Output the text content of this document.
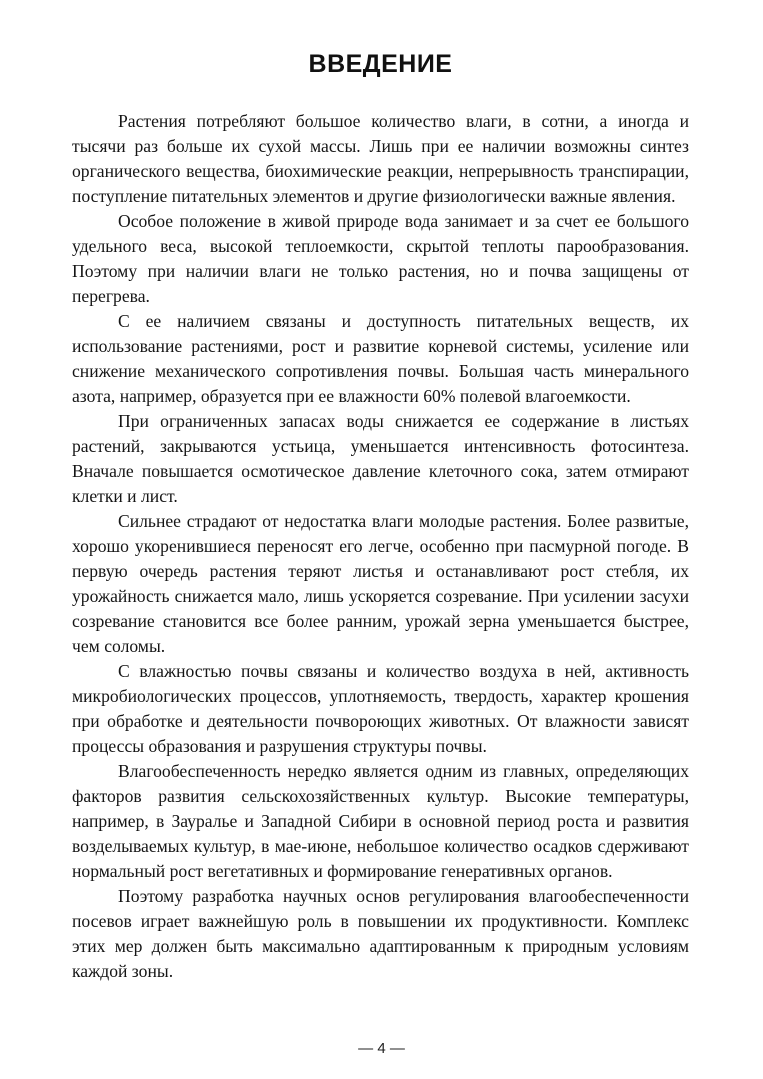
ВВЕДЕНИЕ

Растения потребляют большое количество влаги, в сотни, а иногда и тысячи раз больше их сухой массы. Лишь при ее наличии возможны синтез органического вещества, биохимические реакции, непрерывность транспирации, поступление питательных элементов и другие физиологически важные явления.

Особое положение в живой природе вода занимает и за счет ее большого удельного веса, высокой теплоемкости, скрытой теплоты парообразования. Поэтому при наличии влаги не только растения, но и почва защищены от перегрева.

С ее наличием связаны и доступность питательных веществ, их использование растениями, рост и развитие корневой системы, усиление или снижение механического сопротивления почвы. Большая часть минерального азота, например, образуется при ее влажности 60% полевой влагоемкости.

При ограниченных запасах воды снижается ее содержание в листьях растений, закрываются устьица, уменьшается интенсивность фотосинтеза. Вначале повышается осмотическое давление клеточного сока, затем отмирают клетки и лист.

Сильнее страдают от недостатка влаги молодые растения. Более развитые, хорошо укоренившиеся переносят его легче, особенно при пасмурной погоде. В первую очередь растения теряют листья и останавливают рост стебля, их урожайность снижается мало, лишь ускоряется созревание. При усилении засухи созревание становится все более ранним, урожай зерна уменьшается быстрее, чем соломы.

С влажностью почвы связаны и количество воздуха в ней, активность микробиологических процессов, уплотняемость, твердость, характер крошения при обработке и деятельности почворoющих животных. От влажности зависят процессы образования и разрушения структуры почвы.

Влагообеспеченность нередко является одним из главных, определяющих факторов развития сельскохозяйственных культур. Высокие температуры, например, в Зауралье и Западной Сибири в основной период роста и развития возделываемых культур, в мае-июне, небольшое количество осадков сдерживают нормальный рост вегетативных и формирование генеративных органов.

Поэтому разработка научных основ регулирования влагообеспеченности посевов играет важнейшую роль в повышении их продуктивности. Комплекс этих мер должен быть максимально адаптированным к природным условиям каждой зоны.

— 4 —
